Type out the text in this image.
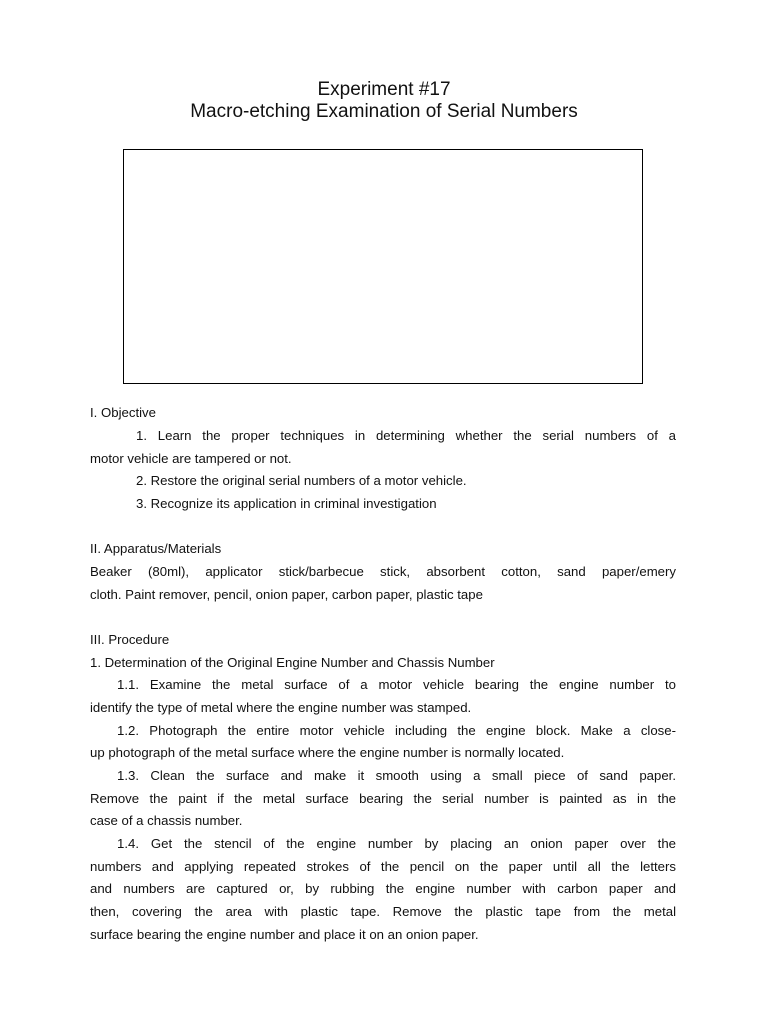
Experiment #17
Macro-etching Examination of Serial Numbers
I. Objective
1. Learn the proper techniques in determining whether the serial numbers of a
motor vehicle are tampered or not.
2. Restore the original serial numbers of a motor vehicle.
3. Recognize its application in criminal investigation
II. Apparatus/Materials
Beaker (80ml), applicator stick/barbecue stick, absorbent cotton, sand paper/emery
cloth. Paint remover, pencil, onion paper, carbon paper, plastic tape
III. Procedure
1. Determination of the Original Engine Number and Chassis Number
1.1. Examine the metal surface of a motor vehicle bearing the engine number to
identify the type of metal where the engine number was stamped.
1.2. Photograph the entire motor vehicle including the engine block. Make a close-
up photograph of the metal surface where the engine number is normally located.
1.3. Clean the surface and make it smooth using a small piece of sand paper.
Remove the paint if the metal surface bearing the serial number is painted as in the
case of a chassis number.
1.4. Get the stencil of the engine number by placing an onion paper over the
numbers and applying repeated strokes of the pencil on the paper until all the letters
and numbers are captured or, by rubbing the engine number with carbon paper and
then, covering the area with plastic tape. Remove the plastic tape from the metal
surface bearing the engine number and place it on an onion paper.
